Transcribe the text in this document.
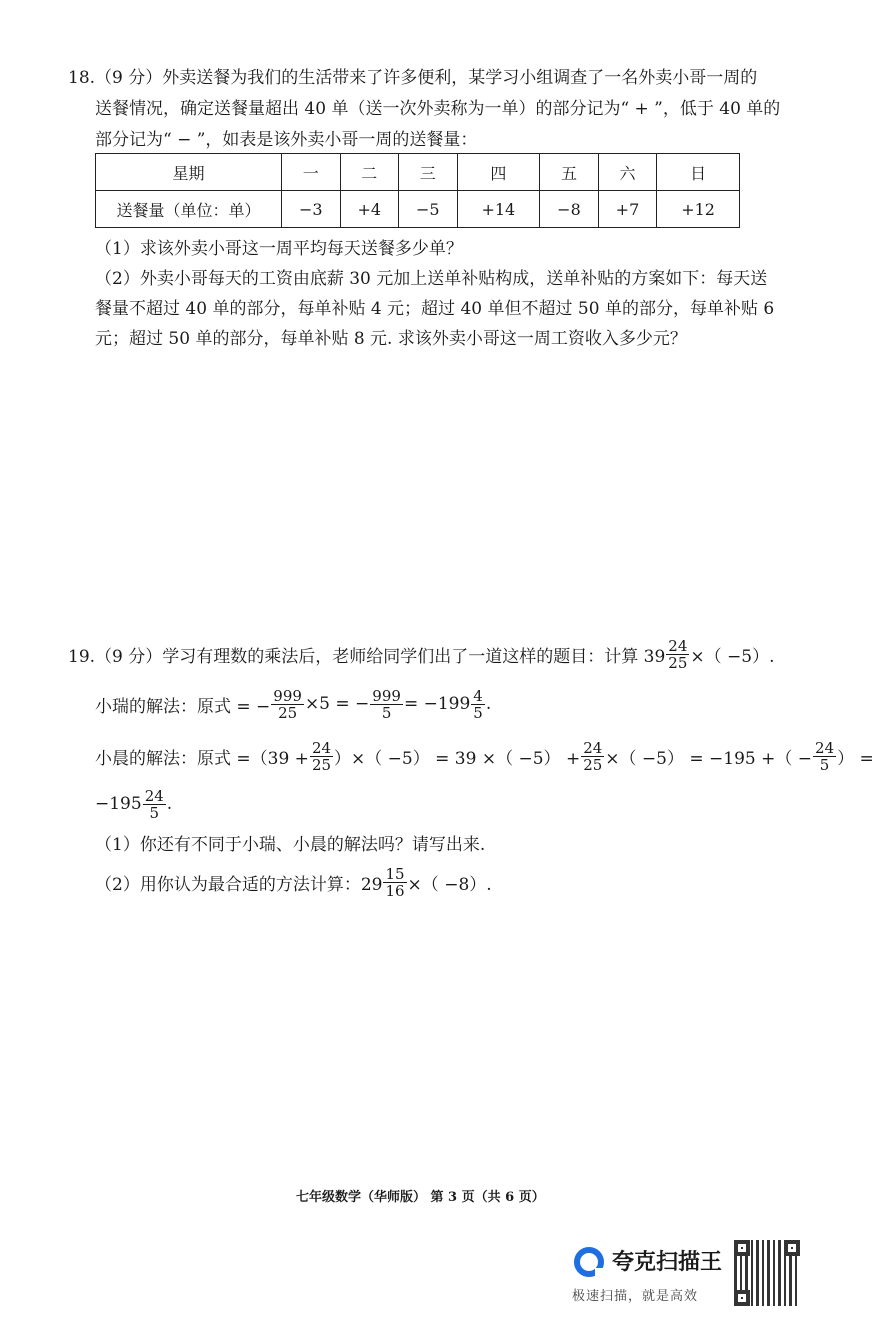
18.（9 分）外卖送餐为我们的生活带来了许多便利，某学习小组调查了一名外卖小哥一周的
送餐情况，确定送餐量超出 40 单（送一次外卖称为一单）的部分记为“ + ”，低于 40 单的
部分记为“ − ”，如表是该外卖小哥一周的送餐量：
星期	一	二	三	四	五	六	日
送餐量（单位：单）	−3	+4	−5	+14	−8	+7	+12
（1）求该外卖小哥这一周平均每天送餐多少单？
（2）外卖小哥每天的工资由底薪 30 元加上送单补贴构成，送单补贴的方案如下：每天送
餐量不超过 40 单的部分，每单补贴 4 元；超过 40 单但不超过 50 单的部分，每单补贴 6
元；超过 50 单的部分，每单补贴 8 元. 求该外卖小哥这一周工资收入多少元？
19.（9 分）学习有理数的乘法后，老师给同学们出了一道这样的题目：计算 $39 \frac{24}{25}$ ×（ −5）.
小瑞的解法：原式 = − $\frac{999}{25} \times 5$ = − $\frac{999}{5} = -199 \frac{4}{5}$ .
小晨的解法：原式 $=(39 + \frac{24}{25}$ ）×（ −5） = 39 ×（ $-5) + \frac{24}{25}$ ×（ −5） = −195 +（ − $\frac{24}{5}$ ） =
$-195 \frac{24}{5}$ .
（1）你还有不同于小瑞、小晨的解法吗？请写出来.
（2）用你认为最合适的方法计算：$29 \frac{15}{16}$ ×（ −8）.
七年级数学（华师版） 第 3 页（共 6 页）
夸克扫描王
极速扫描，就是高效
